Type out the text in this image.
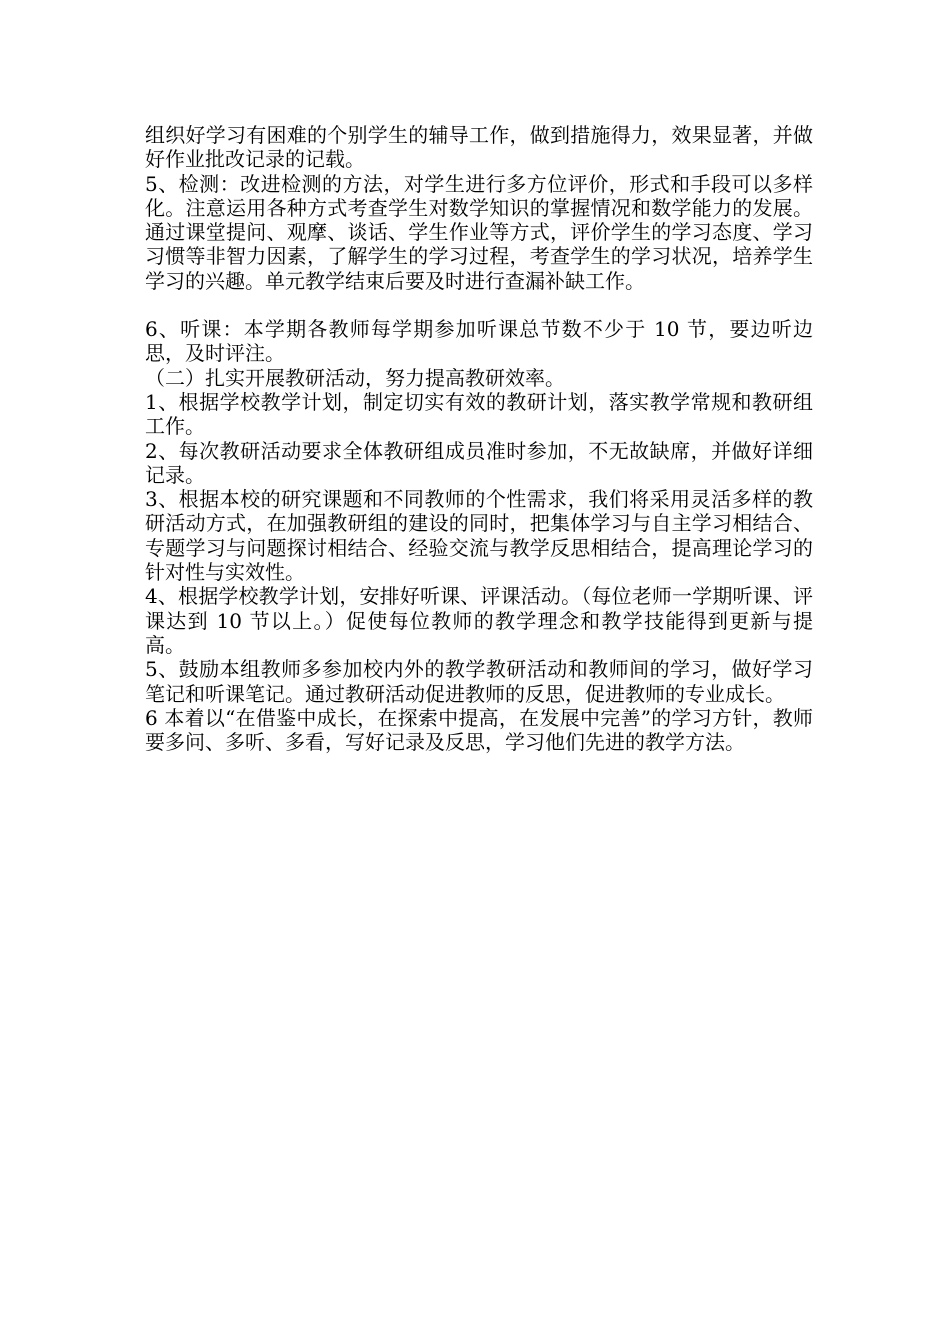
组织好学习有困难的个别学生的辅导工作，做到措施得力，效果显著，并做好作业批改记录的记载。

5、检测：改进检测的方法，对学生进行多方位评价，形式和手段可以多样化。注意运用各种方式考查学生对数学知识的掌握情况和数学能力的发展。通过课堂提问、观摩、谈话、学生作业等方式，评价学生的学习态度、学习习惯等非智力因素，了解学生的学习过程，考查学生的学习状况，培养学生学习的兴趣。单元教学结束后要及时进行查漏补缺工作。

6、听课：本学期各教师每学期参加听课总节数不少于 10 节，要边听边思，及时评注。

（二）扎实开展教研活动，努力提高教研效率。

1、根据学校教学计划，制定切实有效的教研计划，落实教学常规和教研组工作。

2、每次教研活动要求全体教研组成员准时参加，不无故缺席，并做好详细记录。

3、根据本校的研究课题和不同教师的个性需求，我们将采用灵活多样的教研活动方式，在加强教研组的建设的同时，把集体学习与自主学习相结合、专题学习与问题探讨相结合、经验交流与教学反思相结合，提高理论学习的针对性与实效性。

4、根据学校教学计划，安排好听课、评课活动。（每位老师一学期听课、评课达到 10 节以上。）促使每位教师的教学理念和教学技能得到更新与提高。

5、鼓励本组教师多参加校内外的教学教研活动和教师间的学习，做好学习笔记和听课笔记。通过教研活动促进教师的反思，促进教师的专业成长。

6 本着以“在借鉴中成长，在探索中提高，在发展中完善”的学习方针，教师要多问、多听、多看，写好记录及反思，学习他们先进的教学方法。
